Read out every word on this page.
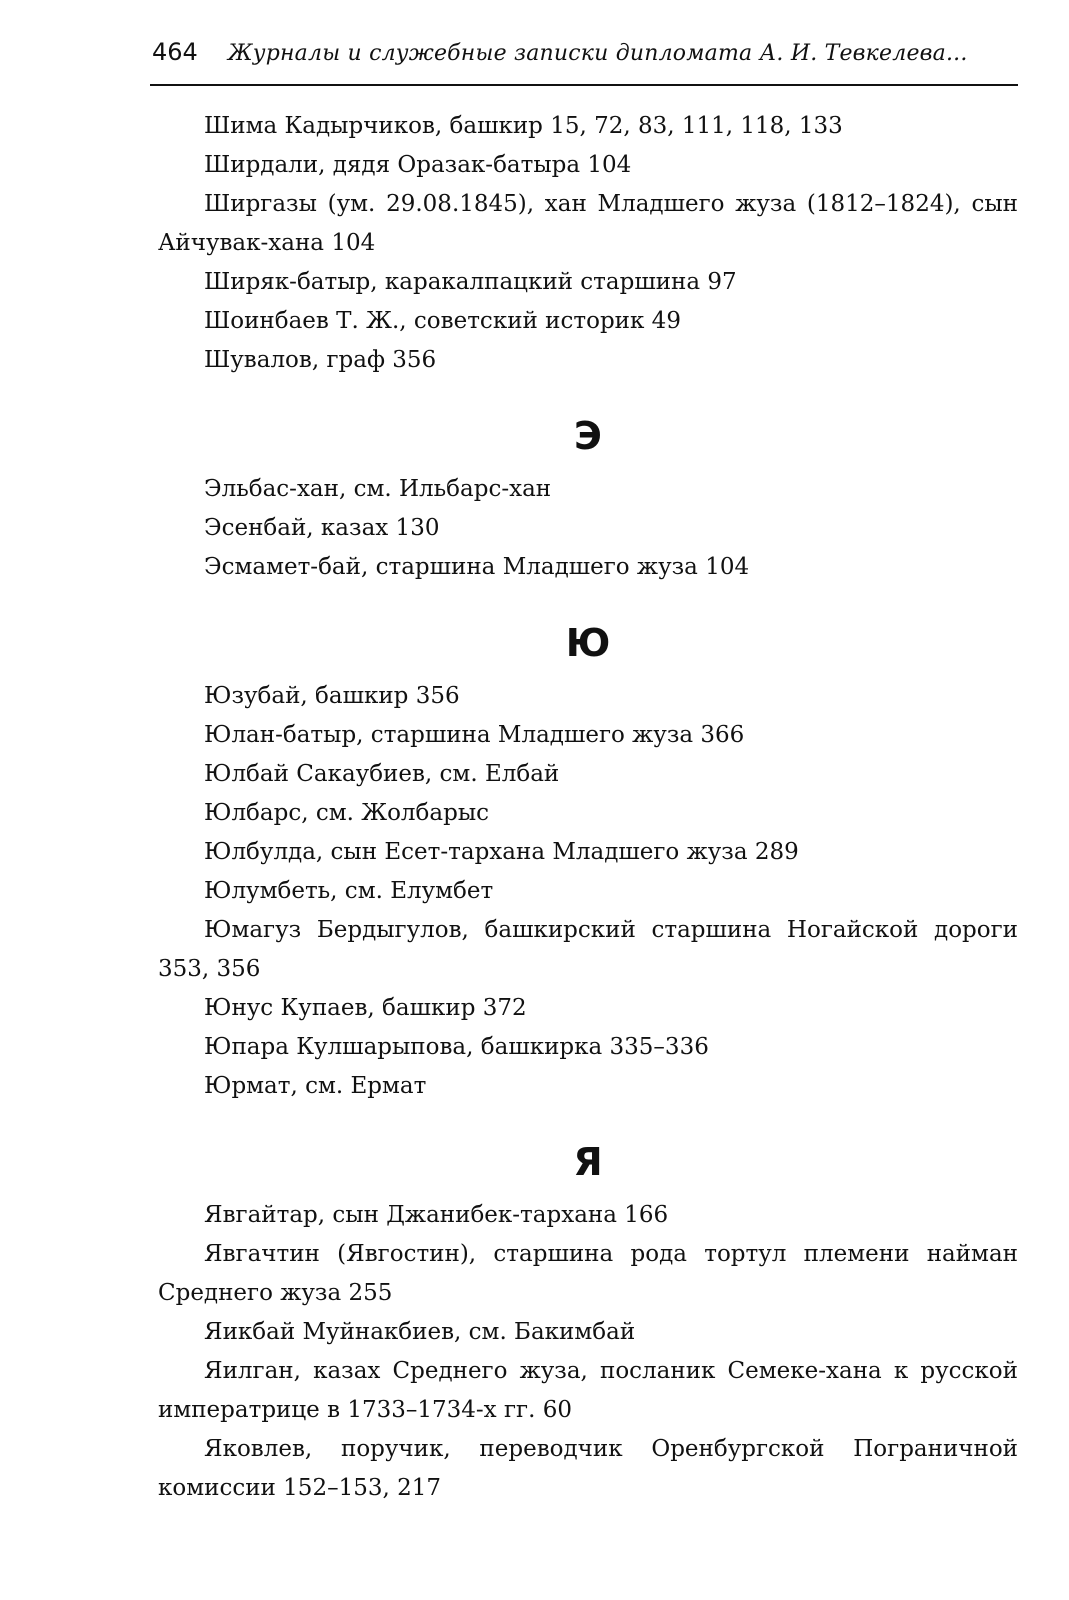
464 Журналы и служебные записки дипломата А. И. Тевкелева...

Шима Кадырчиков, башкир 15, 72, 83, 111, 118, 133

Ширдали, дядя Оразак-батыра 104

Ширгазы (ум. 29.08.1845), хан Младшего жуза (1812–1824), сын Айчувак-хана 104

Ширяк-батыр, каракалпацкий старшина 97

Шоинбаев Т. Ж., советский историк 49

Шувалов, граф 356

Э

Эльбас-хан, см. Ильбарс-хан

Эсенбай, казах 130

Эсмамет-бай, старшина Младшего жуза 104

Ю

Юзубай, башкир 356

Юлан-батыр, старшина Младшего жуза 366

Юлбай Сакаубиев, см. Елбай

Юлбарс, см. Жолбарыс

Юлбулда, сын Есет-тархана Младшего жуза 289

Юлумбеть, см. Елумбет

Юмагуз Бердыгулов, башкирский старшина Ногайской дороги 353, 356

Юнус Купаев, башкир 372

Юпара Кулшарыпова, башкирка 335–336

Юрмат, см. Ермат

Я

Явгайтар, сын Джанибек-тархана 166

Явгачтин (Явгостин), старшина рода тортул племени найман Среднего жуза 255

Яикбай Муйнакбиев, см. Бакимбай

Яилган, казах Среднего жуза, посланик Семеке-хана к русской императрице в 1733–1734-х гг. 60

Яковлев, поручик, переводчик Оренбургской Пограничной комиссии 152–153, 217
